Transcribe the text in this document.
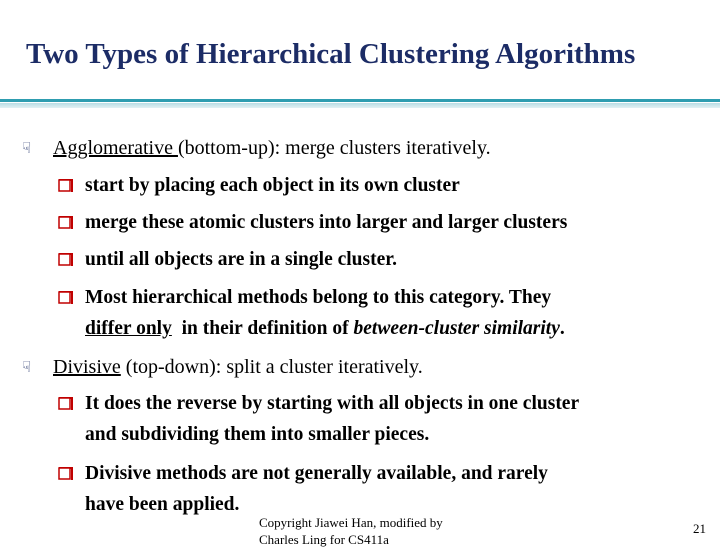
Two Types of Hierarchical Clustering Algorithms
☟ Agglomerative (bottom-up): merge clusters iteratively.
start by placing each object in its own cluster
merge these atomic clusters into larger and larger clusters
until all objects are in a single cluster.
Most hierarchical methods belong to this category. They
differ only  in their definition of between-cluster similarity.
☟ Divisive (top-down): split a cluster iteratively.
It does the reverse by starting with all objects in one cluster
and subdividing them into smaller pieces.
Divisive methods are not generally available, and rarely
have been applied.
Copyright Jiawei Han, modified by
Charles Ling for CS411a
21
